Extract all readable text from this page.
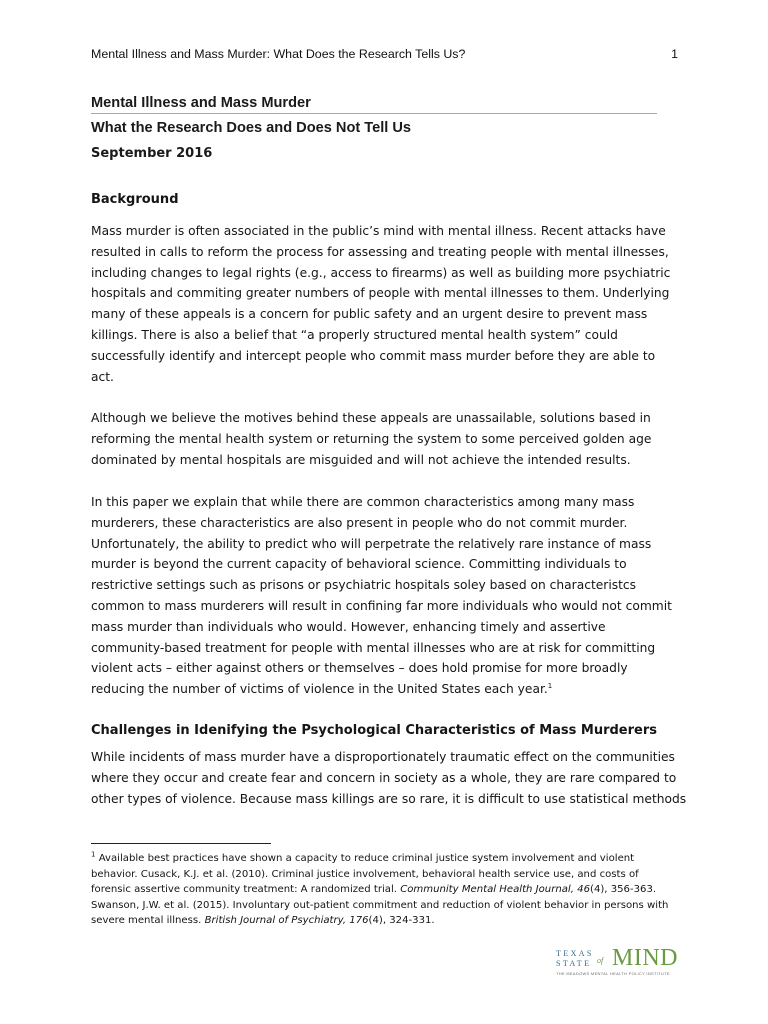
Mental Illness and Mass Murder: What Does the Research Tells Us?	1
Mental Illness and Mass Murder
What the Research Does and Does Not Tell Us
September 2016
Background
Mass murder is often associated in the public’s mind with mental illness. Recent attacks have
resulted in calls to reform the process for assessing and treating people with mental illnesses,
including changes to legal rights (e.g., access to firearms) as well as building more psychiatric
hospitals and commiting greater numbers of people with mental illnesses to them. Underlying
many of these appeals is a concern for public safety and an urgent desire to prevent mass
killings. There is also a belief that “a properly structured mental health system” could
successfully identify and intercept people who commit mass murder before they are able to
act.
Although we believe the motives behind these appeals are unassailable, solutions based in
reforming the mental health system or returning the system to some perceived golden age
dominated by mental hospitals are misguided and will not achieve the intended results.
In this paper we explain that while there are common characteristics among many mass
murderers, these characteristics are also present in people who do not commit murder.
Unfortunately, the ability to predict who will perpetrate the relatively rare instance of mass
murder is beyond the current capacity of behavioral science. Committing individuals to
restrictive settings such as prisons or psychiatric hospitals soley based on characteristcs
common to mass murderers will result in confining far more individuals who would not commit
mass murder than individuals who would. However, enhancing timely and assertive
community-based treatment for people with mental illnesses who are at risk for committing
violent acts – either against others or themselves – does hold promise for more broadly
reducing the number of victims of violence in the United States each year.$^1$
Challenges in Idenifying the Psychological Characteristics of Mass Murderers
While incidents of mass murder have a disproportionately traumatic effect on the communities
where they occur and create fear and concern in society as a whole, they are rare compared to
other types of violence. Because mass killings are so rare, it is difficult to use statistical methods
$^1$ Available best practices have shown a capacity to reduce criminal justice system involvement and violent
behavior. Cusack, K.J. et al. (2010). Criminal justice involvement, behavioral health service use, and costs of
forensic assertive community treatment: A randomized trial. Community Mental Health Journal, 46(4), 356-363.
Swanson, J.W. et al. (2015). Involuntary out-patient commitment and reduction of violent behavior in persons with
severe mental illness. British Journal of Psychiatry, 176(4), 324-331.
TEXAS
STATE of MIND
THE MEADOWS MENTAL HEALTH POLICY INSTITUTE
